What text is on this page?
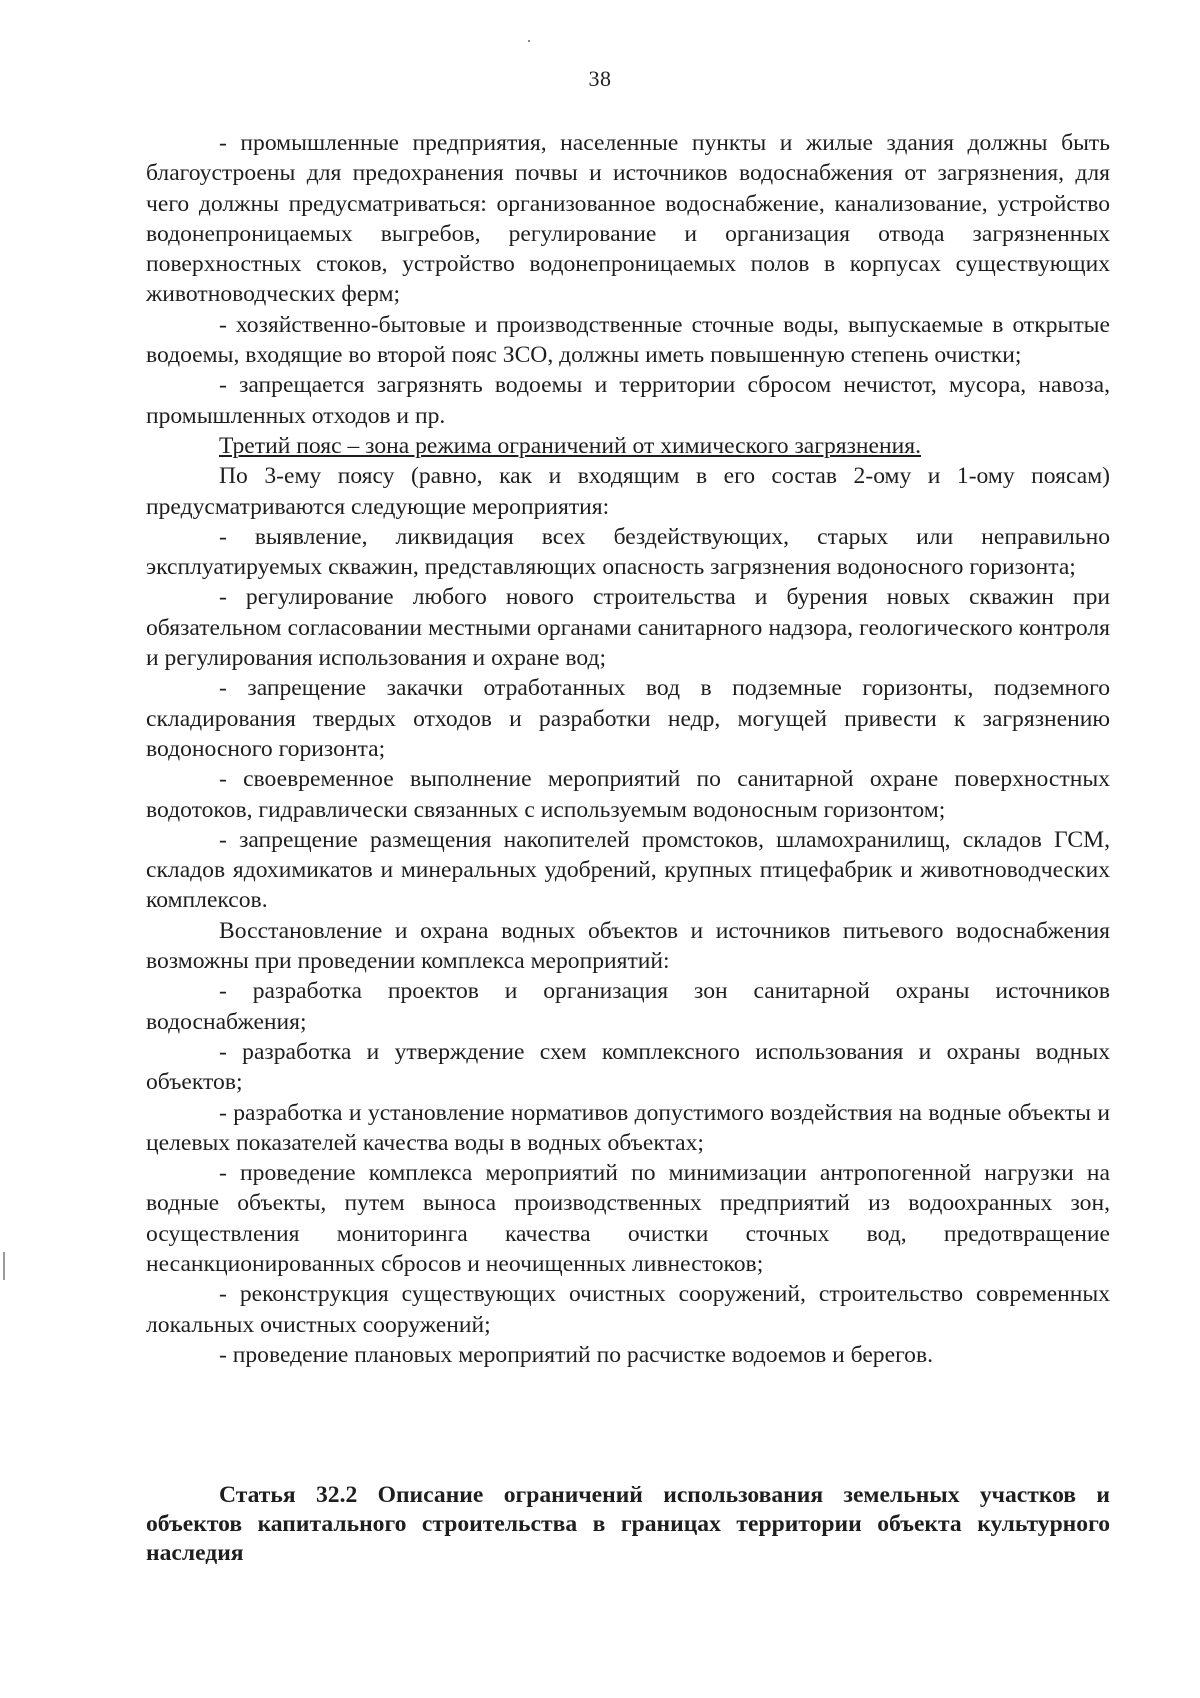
38

- промышленные предприятия, населенные пункты и жилые здания должны быть благоустроены для предохранения почвы и источников водоснабжения от загрязнения, для чего должны предусматриваться: организованное водоснабжение, канализование, устройство водонепроницаемых выгребов, регулирование и организация отвода загрязненных поверхностных стоков, устройство водонепроницаемых полов в корпусах существующих животноводческих ферм;

- хозяйственно-бытовые и производственные сточные воды, выпускаемые в открытые водоемы, входящие во второй пояс ЗСО, должны иметь повышенную степень очистки;

- запрещается загрязнять водоемы и территории сбросом нечистот, мусора, навоза, промышленных отходов и пр.

Третий пояс – зона режима ограничений от химического загрязнения.

По 3-ему поясу (равно, как и входящим в его состав 2-ому и 1-ому поясам) предусматриваются следующие мероприятия:

- выявление, ликвидация всех бездействующих, старых или неправильно эксплуатируемых скважин, представляющих опасность загрязнения водоносного горизонта;

- регулирование любого нового строительства и бурения новых скважин при обязательном согласовании местными органами санитарного надзора, геологического контроля и регулирования использования и охране вод;

- запрещение закачки отработанных вод в подземные горизонты, подземного складирования твердых отходов и разработки недр, могущей привести к загрязнению водоносного горизонта;

- своевременное выполнение мероприятий по санитарной охране поверхностных водотоков, гидравлически связанных с используемым водоносным горизонтом;

- запрещение размещения накопителей промстоков, шламохранилищ, складов ГСМ, складов ядохимикатов и минеральных удобрений, крупных птицефабрик и животноводческих комплексов.

Восстановление и охрана водных объектов и источников питьевого водоснабжения возможны при проведении комплекса мероприятий:

- разработка проектов и организация зон санитарной охраны источников водоснабжения;

- разработка и утверждение схем комплексного использования и охраны водных объектов;

- разработка и установление нормативов допустимого воздействия на водные объекты и целевых показателей качества воды в водных объектах;

- проведение комплекса мероприятий по минимизации антропогенной нагрузки на водные объекты, путем выноса производственных предприятий из водоохранных зон, осуществления мониторинга качества очистки сточных вод, предотвращение несанкционированных сбросов и неочищенных ливнестоков;

- реконструкция существующих очистных сооружений, строительство современных локальных очистных сооружений;

- проведение плановых мероприятий по расчистке водоемов и берегов.

Статья 32.2 Описание ограничений использования земельных участков и объектов капитального строительства в границах территории объекта культурного наследия
